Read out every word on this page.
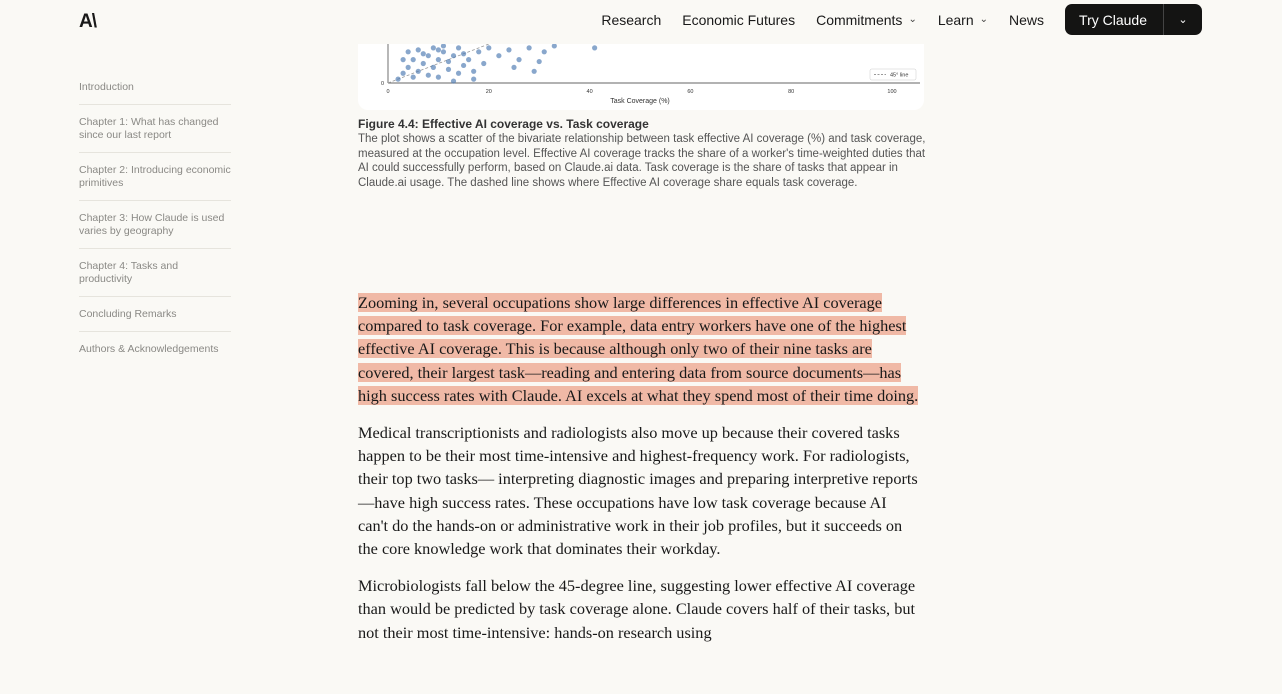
A\	Research Economic Futures Commitments ⌄ Learn ⌄ News	Try Claude	⌄
Introduction
Chapter 1: What has changed since our last report
Chapter 2: Introducing economic primitives
Chapter 3: How Claude is used varies by geography
Chapter 4: Tasks and productivity
Concluding Remarks
Authors & Acknowledgements
0	20	40	60	80	100
0
Task Coverage (%)
45° line
Figure 4.4: Effective AI coverage vs. Task coverage
The plot shows a scatter of the bivariate relationship between task effective AI coverage (%) and task coverage, measured at the occupation level. Effective AI coverage tracks the share of a worker's time-weighted duties that AI could successfully perform, based on Claude.ai data. Task coverage is the share of tasks that appear in Claude.ai usage. The dashed line shows where Effective AI coverage share equals task coverage.

Zooming in, several occupations show large differences in effective AI coverage compared to task coverage. For example, data entry workers have one of the highest effective AI coverage. This is because although only two of their nine tasks are covered, their largest task—reading and entering data from source documents—has high success rates with Claude. AI excels at what they spend most of their time doing.

Medical transcriptionists and radiologists also move up because their covered tasks happen to be their most time-intensive and highest-frequency work. For radiologists, their top two tasks— interpreting diagnostic images and preparing interpretive reports—have high success rates. These occupations have low task coverage because AI can't do the hands-on or administrative work in their job profiles, but it succeeds on the core knowledge work that dominates their workday.

Microbiologists fall below the 45-degree line, suggesting lower effective AI coverage than would be predicted by task coverage alone. Claude covers half of their tasks, but not their most time-intensive: hands-on research using
